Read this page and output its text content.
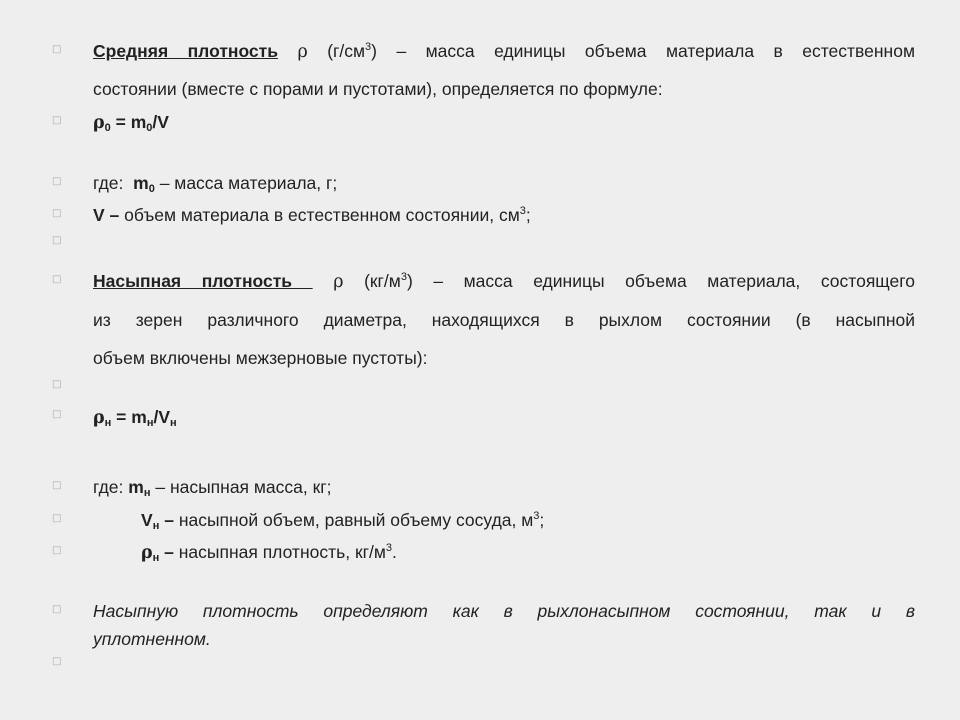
□
□
□
□
□
□
□
□
□
□
□
□
□
Средняя плотность ρ $(г/см^3)$ – масса единицы объема материала в естественном
состоянии (вместе с порами и пустотами), определяется по формуле:
$\rho_0 = m_0/V$
где: $m_0$ – масса материала, г;
V – объем материала в естественном состоянии, $см^3$;
Насыпная плотность ρ $(кг/м^3)$ – масса единицы объема материала, состоящего
из зерен различного диаметра, находящихся в рыхлом состоянии (в насыпной
объем включены межзерновые пустоты):
$\rho_н = m_н/V_н$
где: $m_н$ – насыпная масса, кг;
$V_н$ – насыпной объем, равный объему сосуда, $м^3$;
$\rho_н$ – насыпная плотность, $кг/м^3$.
Насыпную плотность определяют как в рыхлонасыпном состоянии, так и в
уплотненном.
